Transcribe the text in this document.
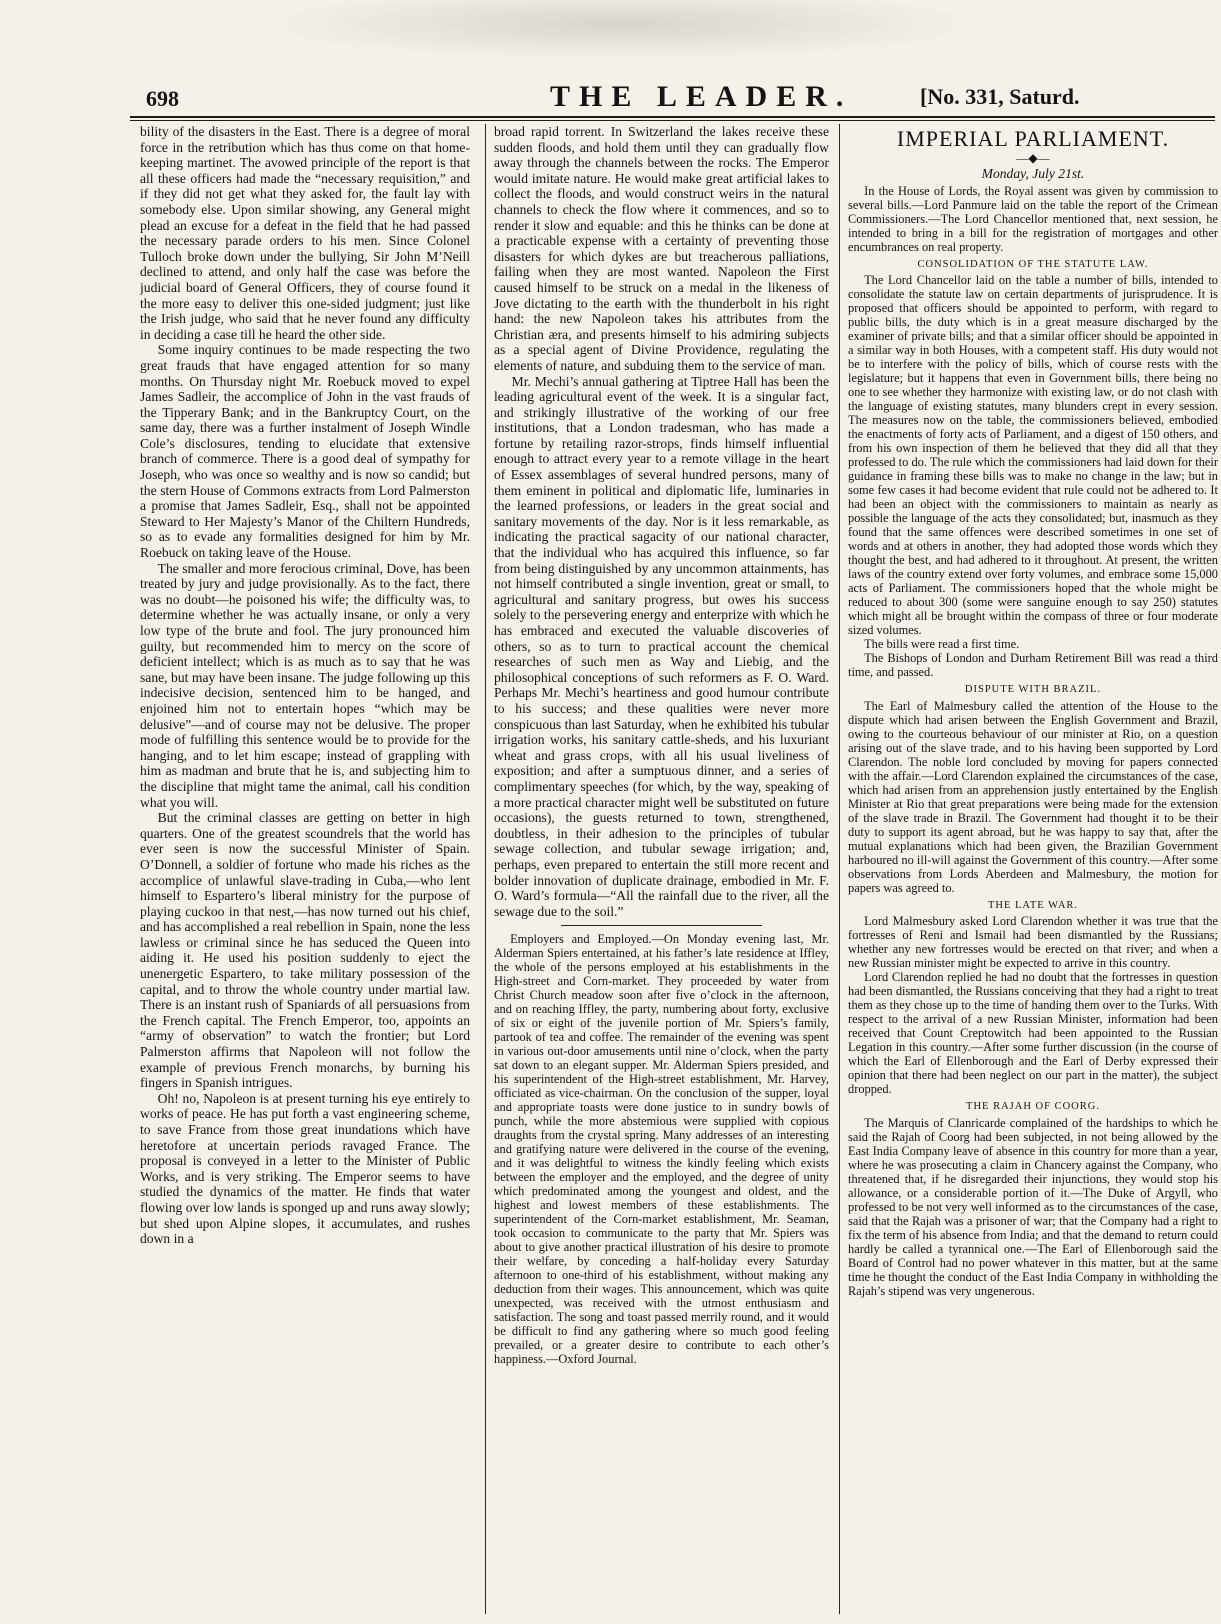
698	THE LEADER.	[No. 331, Saturd.

bility of the disasters in the East. There is a degree of moral force in the retribution which has thus come on that home-keeping martinet. The avowed principle of the report is that all these officers had made the “necessary requisition,” and if they did not get what they asked for, the fault lay with somebody else. Upon similar showing, any General might plead an excuse for a defeat in the field that he had passed the necessary parade orders to his men. Since Colonel Tulloch broke down under the bullying, Sir John M’Neill declined to attend, and only half the case was before the judicial board of General Officers, they of course found it the more easy to deliver this one-sided judgment; just like the Irish judge, who said that he never found any difficulty in deciding a case till he heard the other side.

Some inquiry continues to be made respecting the two great frauds that have engaged attention for so many months. On Thursday night Mr. Roebuck moved to expel James Sadleir, the accomplice of John in the vast frauds of the Tipperary Bank; and in the Bankruptcy Court, on the same day, there was a further instalment of Joseph Windle Cole’s disclosures, tending to elucidate that extensive branch of commerce. There is a good deal of sympathy for Joseph, who was once so wealthy and is now so candid; but the stern House of Commons extracts from Lord Palmerston a promise that James Sadleir, Esq., shall not be appointed Steward to Her Majesty’s Manor of the Chiltern Hundreds, so as to evade any formalities designed for him by Mr. Roebuck on taking leave of the House.

The smaller and more ferocious criminal, Dove, has been treated by jury and judge provisionally. As to the fact, there was no doubt—he poisoned his wife; the difficulty was, to determine whether he was actually insane, or only a very low type of the brute and fool. The jury pronounced him guilty, but recommended him to mercy on the score of deficient intellect; which is as much as to say that he was sane, but may have been insane. The judge following up this indecisive decision, sentenced him to be hanged, and enjoined him not to entertain hopes “which may be delusive”—and of course may not be delusive. The proper mode of fulfilling this sentence would be to provide for the hanging, and to let him escape; instead of grappling with him as madman and brute that he is, and subjecting him to the discipline that might tame the animal, call his condition what you will.

But the criminal classes are getting on better in high quarters. One of the greatest scoundrels that the world has ever seen is now the successful Minister of Spain. O’Donnell, a soldier of fortune who made his riches as the accomplice of unlawful slave-trading in Cuba,—who lent himself to Espartero’s liberal ministry for the purpose of playing cuckoo in that nest,—has now turned out his chief, and has accomplished a real rebellion in Spain, none the less lawless or criminal since he has seduced the Queen into aiding it. He used his position suddenly to eject the unenergetic Espartero, to take military possession of the capital, and to throw the whole country under martial law. There is an instant rush of Spaniards of all persuasions from the French capital. The French Emperor, too, appoints an “army of observation” to watch the frontier; but Lord Palmerston affirms that Napoleon will not follow the example of previous French monarchs, by burning his fingers in Spanish intrigues.

Oh! no, Napoleon is at present turning his eye entirely to works of peace. He has put forth a vast engineering scheme, to save France from those great inundations which have heretofore at uncertain periods ravaged France. The proposal is conveyed in a letter to the Minister of Public Works, and is very striking. The Emperor seems to have studied the dynamics of the matter. He finds that water flowing over low lands is sponged up and runs away slowly; but shed upon Alpine slopes, it accumulates, and rushes down in a

broad rapid torrent. In Switzerland the lakes receive these sudden floods, and hold them until they can gradually flow away through the channels between the rocks. The Emperor would imitate nature. He would make great artificial lakes to collect the floods, and would construct weirs in the natural channels to check the flow where it commences, and so to render it slow and equable: and this he thinks can be done at a practicable expense with a certainty of preventing those disasters for which dykes are but treacherous palliations, failing when they are most wanted. Napoleon the First caused himself to be struck on a medal in the likeness of Jove dictating to the earth with the thunderbolt in his right hand: the new Napoleon takes his attributes from the Christian æra, and presents himself to his admiring subjects as a special agent of Divine Providence, regulating the elements of nature, and subduing them to the service of man.

Mr. Mechi’s annual gathering at Tiptree Hall has been the leading agricultural event of the week. It is a singular fact, and strikingly illustrative of the working of our free institutions, that a London tradesman, who has made a fortune by retailing razor-strops, finds himself influential enough to attract every year to a remote village in the heart of Essex assemblages of several hundred persons, many of them eminent in political and diplomatic life, luminaries in the learned professions, or leaders in the great social and sanitary movements of the day. Nor is it less remarkable, as indicating the practical sagacity of our national character, that the individual who has acquired this influence, so far from being distinguished by any uncommon attainments, has not himself contributed a single invention, great or small, to agricultural and sanitary progress, but owes his success solely to the persevering energy and enterprize with which he has embraced and executed the valuable discoveries of others, so as to turn to practical account the chemical researches of such men as Way and Liebig, and the philosophical conceptions of such reformers as F. O. Ward. Perhaps Mr. Mechi’s heartiness and good humour contribute to his success; and these qualities were never more conspicuous than last Saturday, when he exhibited his tubular irrigation works, his sanitary cattle-sheds, and his luxuriant wheat and grass crops, with all his usual liveliness of exposition; and after a sumptuous dinner, and a series of complimentary speeches (for which, by the way, speaking of a more practical character might well be substituted on future occasions), the guests returned to town, strengthened, doubtless, in their adhesion to the principles of tubular sewage collection, and tubular sewage irrigation; and, perhaps, even prepared to entertain the still more recent and bolder innovation of duplicate drainage, embodied in Mr. F. O. Ward’s formula—“All the rainfall due to the river, all the sewage due to the soil.”

Employers and Employed.—On Monday evening last, Mr. Alderman Spiers entertained, at his father’s late residence at Iffley, the whole of the persons employed at his establishments in the High-street and Corn-market. They proceeded by water from Christ Church meadow soon after five o’clock in the afternoon, and on reaching Iffley, the party, numbering about forty, exclusive of six or eight of the juvenile portion of Mr. Spiers’s family, partook of tea and coffee. The remainder of the evening was spent in various out-door amusements until nine o’clock, when the party sat down to an elegant supper. Mr. Alderman Spiers presided, and his superintendent of the High-street establishment, Mr. Harvey, officiated as vice-chairman. On the conclusion of the supper, loyal and appropriate toasts were done justice to in sundry bowls of punch, while the more abstemious were supplied with copious draughts from the crystal spring. Many addresses of an interesting and gratifying nature were delivered in the course of the evening, and it was delightful to witness the kindly feeling which exists between the employer and the employed, and the degree of unity which predominated among the youngest and oldest, and the highest and lowest members of these establishments. The superintendent of the Corn-market establishment, Mr. Seaman, took occasion to communicate to the party that Mr. Spiers was about to give another practical illustration of his desire to promote their welfare, by conceding a half-holiday every Saturday afternoon to one-third of his establishment, without making any deduction from their wages. This announcement, which was quite unexpected, was received with the utmost enthusiasm and satisfaction. The song and toast passed merrily round, and it would be difficult to find any gathering where so much good feeling prevailed, or a greater desire to contribute to each other’s happiness.—Oxford Journal.

IMPERIAL PARLIAMENT.
—◆—
Monday, July 21st.

In the House of Lords, the Royal assent was given by commission to several bills.—Lord Panmure laid on the table the report of the Crimean Commissioners.—The Lord Chancellor mentioned that, next session, he intended to bring in a bill for the registration of mortgages and other encumbrances on real property.

CONSOLIDATION OF THE STATUTE LAW.

The Lord Chancellor laid on the table a number of bills, intended to consolidate the statute law on certain departments of jurisprudence. It is proposed that officers should be appointed to perform, with regard to public bills, the duty which is in a great measure discharged by the examiner of private bills; and that a similar officer should be appointed in a similar way in both Houses, with a competent staff. His duty would not be to interfere with the policy of bills, which of course rests with the legislature; but it happens that even in Government bills, there being no one to see whether they harmonize with existing law, or do not clash with the language of existing statutes, many blunders crept in every session. The measures now on the table, the commissioners believed, embodied the enactments of forty acts of Parliament, and a digest of 150 others, and from his own inspection of them he believed that they did all that they professed to do. The rule which the commissioners had laid down for their guidance in framing these bills was to make no change in the law; but in some few cases it had become evident that rule could not be adhered to. It had been an object with the commissioners to maintain as nearly as possible the language of the acts they consolidated; but, inasmuch as they found that the same offences were described sometimes in one set of words and at others in another, they had adopted those words which they thought the best, and had adhered to it throughout. At present, the written laws of the country extend over forty volumes, and embrace some 15,000 acts of Parliament. The commissioners hoped that the whole might be reduced to about 300 (some were sanguine enough to say 250) statutes which might all be brought within the compass of three or four moderate sized volumes.

The bills were read a first time.

The Bishops of London and Durham Retirement Bill was read a third time, and passed.

DISPUTE WITH BRAZIL.

The Earl of Malmesbury called the attention of the House to the dispute which had arisen between the English Government and Brazil, owing to the courteous behaviour of our minister at Rio, on a question arising out of the slave trade, and to his having been supported by Lord Clarendon. The noble lord concluded by moving for papers connected with the affair.—Lord Clarendon explained the circumstances of the case, which had arisen from an apprehension justly entertained by the English Minister at Rio that great preparations were being made for the extension of the slave trade in Brazil. The Government had thought it to be their duty to support its agent abroad, but he was happy to say that, after the mutual explanations which had been given, the Brazilian Government harboured no ill-will against the Government of this country.—After some observations from Lords Aberdeen and Malmesbury, the motion for papers was agreed to.

THE LATE WAR.

Lord Malmesbury asked Lord Clarendon whether it was true that the fortresses of Reni and Ismail had been dismantled by the Russians; whether any new fortresses would be erected on that river; and when a new Russian minister might be expected to arrive in this country.

Lord Clarendon replied he had no doubt that the fortresses in question had been dismantled, the Russians conceiving that they had a right to treat them as they chose up to the time of handing them over to the Turks. With respect to the arrival of a new Russian Minister, information had been received that Count Creptowitch had been appointed to the Russian Legation in this country.—After some further discussion (in the course of which the Earl of Ellenborough and the Earl of Derby expressed their opinion that there had been neglect on our part in the matter), the subject dropped.

THE RAJAH OF COORG.

The Marquis of Clanricarde complained of the hardships to which he said the Rajah of Coorg had been subjected, in not being allowed by the East India Company leave of absence in this country for more than a year, where he was prosecuting a claim in Chancery against the Company, who threatened that, if he disregarded their injunctions, they would stop his allowance, or a considerable portion of it.—The Duke of Argyll, who professed to be not very well informed as to the circumstances of the case, said that the Rajah was a prisoner of war; that the Company had a right to fix the term of his absence from India; and that the demand to return could hardly be called a tyrannical one.—The Earl of Ellenborough said the Board of Control had no power whatever in this matter, but at the same time he thought the conduct of the East India Company in withholding the Rajah’s stipend was very ungenerous.
